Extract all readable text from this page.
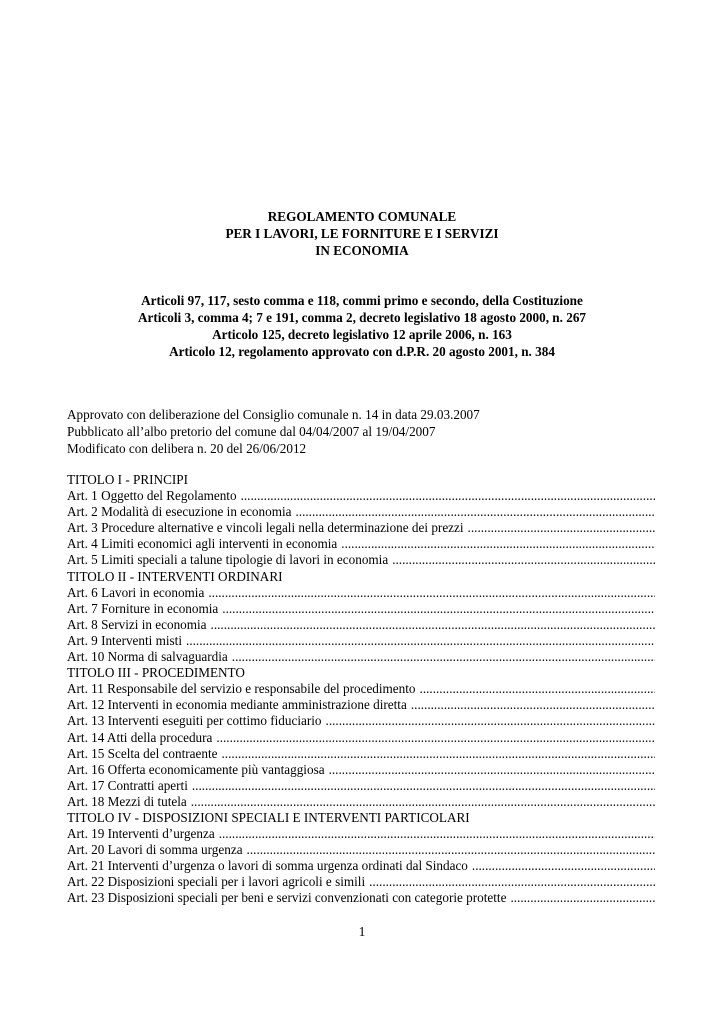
REGOLAMENTO COMUNALE
PER I LAVORI, LE FORNITURE E I SERVIZI
IN ECONOMIA
Articoli 97, 117, sesto comma e 118, commi primo e secondo, della Costituzione
Articoli 3, comma 4; 7 e 191, comma 2, decreto legislativo 18 agosto 2000, n. 267
Articolo 125, decreto legislativo 12 aprile 2006, n. 163
Articolo 12, regolamento approvato con d.P.R. 20 agosto 2001, n. 384
Approvato con deliberazione del Consiglio comunale n. 14 in data 29.03.2007
Pubblicato all’albo pretorio del comune dal 04/04/2007 al 19/04/2007
Modificato con delibera n. 20 del 26/06/2012
TITOLO I - PRINCIPI
Art. 1 Oggetto del Regolamento
.....
Art. 2 Modalità di esecuzione in economia
.....
Art. 3 Procedure alternative e vincoli legali nella determinazione dei prezzi
.....
Art. 4 Limiti economici agli interventi in economia
.....
Art. 5 Limiti speciali a talune tipologie di lavori in economia
.....
TITOLO II - INTERVENTI ORDINARI
Art. 6 Lavori in economia
.....
Art. 7 Forniture in economia
.....
Art. 8 Servizi in economia
.....
Art. 9 Interventi misti
.....
Art. 10 Norma di salvaguardia
.....
TITOLO III - PROCEDIMENTO
Art. 11 Responsabile del servizio e responsabile del procedimento
.....
Art. 12 Interventi in economia mediante amministrazione diretta
.....
Art. 13 Interventi eseguiti per cottimo fiduciario
.....
Art. 14 Atti della procedura
.....
Art. 15 Scelta del contraente
.....
Art. 16 Offerta economicamente più vantaggiosa
.....
Art. 17 Contratti aperti
.....
Art. 18 Mezzi di tutela
.....
TITOLO IV - DISPOSIZIONI SPECIALI E INTERVENTI PARTICOLARI
Art. 19 Interventi d’urgenza
.....
Art. 20 Lavori di somma urgenza
.....
Art. 21 Interventi d’urgenza o lavori di somma urgenza ordinati dal Sindaco
.....
Art. 22 Disposizioni speciali per i lavori agricoli e simili
.....
Art. 23 Disposizioni speciali per beni e servizi convenzionati con categorie protette
.....
1
